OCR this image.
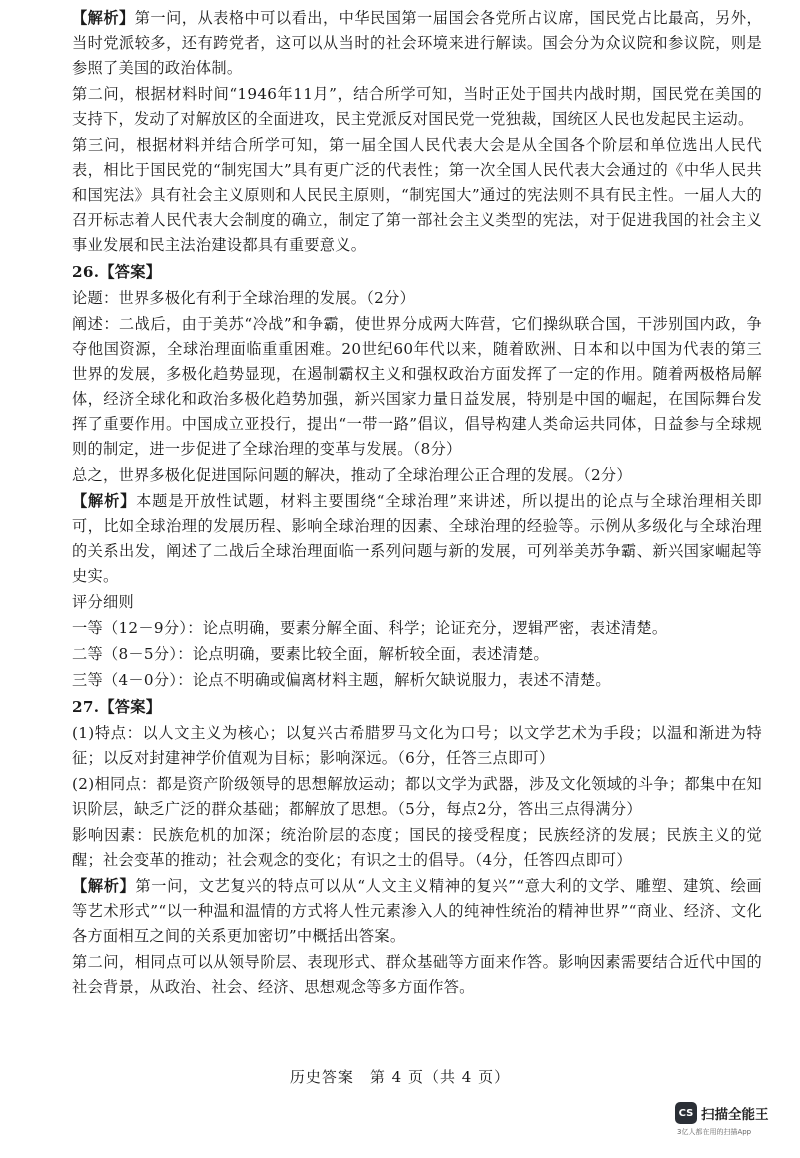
【解析】第一问，从表格中可以看出，中华民国第一届国会各党所占议席，国民党占比最高，另外，当时党派较多，还有跨党者，这可以从当时的社会环境来进行解读。国会分为众议院和参议院，则是参照了美国的政治体制。

第二问，根据材料时间“1946年11月”，结合所学可知，当时正处于国共内战时期，国民党在美国的支持下，发动了对解放区的全面进攻，民主党派反对国民党一党独裁，国统区人民也发起民主运动。

第三问，根据材料并结合所学可知，第一届全国人民代表大会是从全国各个阶层和单位选出人民代表，相比于国民党的“制宪国大”具有更广泛的代表性；第一次全国人民代表大会通过的《中华人民共和国宪法》具有社会主义原则和人民民主原则，“制宪国大”通过的宪法则不具有民主性。一届人大的召开标志着人民代表大会制度的确立，制定了第一部社会主义类型的宪法，对于促进我国的社会主义事业发展和民主法治建设都具有重要意义。

26.【答案】

论题：世界多极化有利于全球治理的发展。（2分）

阐述：二战后，由于美苏“冷战”和争霸，使世界分成两大阵营，它们操纵联合国，干涉别国内政，争夺他国资源，全球治理面临重重困难。20世纪60年代以来，随着欧洲、日本和以中国为代表的第三世界的发展，多极化趋势显现，在遏制霸权主义和强权政治方面发挥了一定的作用。随着两极格局解体，经济全球化和政治多极化趋势加强，新兴国家力量日益发展，特别是中国的崛起，在国际舞台发挥了重要作用。中国成立亚投行，提出“一带一路”倡议，倡导构建人类命运共同体，日益参与全球规则的制定，进一步促进了全球治理的变革与发展。（8分）

总之，世界多极化促进国际问题的解决，推动了全球治理公正合理的发展。（2分）

【解析】本题是开放性试题，材料主要围绕“全球治理”来讲述，所以提出的论点与全球治理相关即可，比如全球治理的发展历程、影响全球治理的因素、全球治理的经验等。示例从多级化与全球治理的关系出发，阐述了二战后全球治理面临一系列问题与新的发展，可列举美苏争霸、新兴国家崛起等史实。

评分细则

一等（12－9分）：论点明确，要素分解全面、科学；论证充分，逻辑严密，表述清楚。

二等（8－5分）：论点明确，要素比较全面，解析较全面，表述清楚。

三等（4－0分）：论点不明确或偏离材料主题，解析欠缺说服力，表述不清楚。

27.【答案】

(1)特点：以人文主义为核心；以复兴古希腊罗马文化为口号；以文学艺术为手段；以温和渐进为特征；以反对封建神学价值观为目标；影响深远。（6分，任答三点即可）

(2)相同点：都是资产阶级领导的思想解放运动；都以文学为武器，涉及文化领域的斗争；都集中在知识阶层，缺乏广泛的群众基础；都解放了思想。（5分，每点2分，答出三点得满分）

影响因素：民族危机的加深；统治阶层的态度；国民的接受程度；民族经济的发展；民族主义的觉醒；社会变革的推动；社会观念的变化；有识之士的倡导。（4分，任答四点即可）

【解析】第一问，文艺复兴的特点可以从“人文主义精神的复兴”“意大利的文学、雕塑、建筑、绘画等艺术形式”“以一种温和温情的方式将人性元素渗入人的纯神性统治的精神世界”“商业、经济、文化各方面相互之间的关系更加密切”中概括出答案。

第二问，相同点可以从领导阶层、表现形式、群众基础等方面来作答。影响因素需要结合近代中国的社会背景，从政治、社会、经济、思想观念等多方面作答。

历史答案　第 4 页（共 4 页）
CS 扫描全能王
3亿人都在用的扫描App
